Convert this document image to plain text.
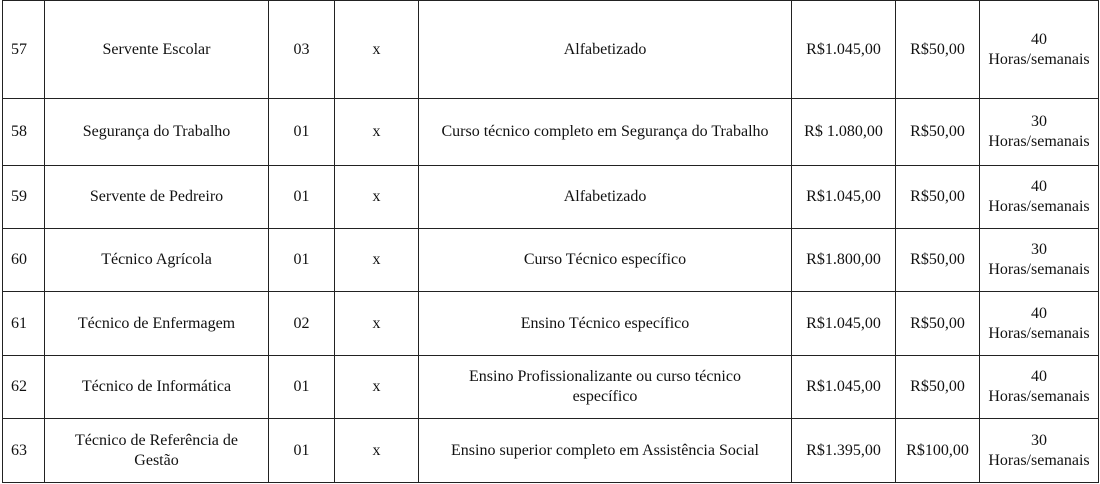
57	Servente Escolar	03	x	Alfabetizado	R$1.045,00	R$50,00	40
Horas/semanais

58	Segurança do Trabalho	01	x	Curso técnico completo em Segurança do Trabalho	R$ 1.080,00	R$50,00	30
Horas/semanais

59	Servente de Pedreiro	01	x	Alfabetizado	R$1.045,00	R$50,00	40
Horas/semanais

60	Técnico Agrícola	01	x	Curso Técnico específico	R$1.800,00	R$50,00	30
Horas/semanais

61	Técnico de Enfermagem	02	x	Ensino Técnico específico	R$1.045,00	R$50,00	40
Horas/semanais

62	Técnico de Informática	01	x	Ensino Profissionalizante ou curso técnico específico	R$1.045,00	R$50,00	40
Horas/semanais

63	Técnico de Referência de Gestão	01	x	Ensino superior completo em Assistência Social	R$1.395,00	R$100,00	30
Horas/semanais
